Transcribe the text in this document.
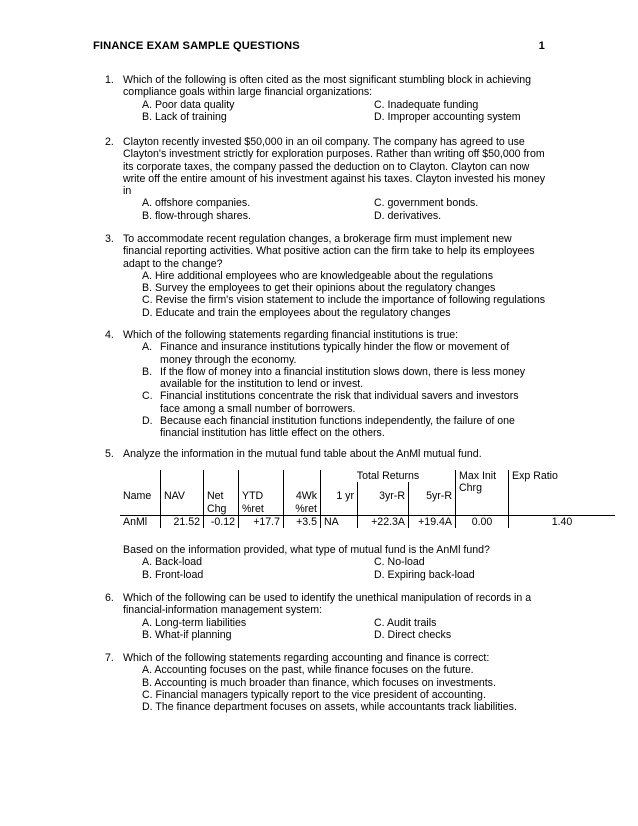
FINANCE EXAM SAMPLE QUESTIONS	1
1. Which of the following is often cited as the most significant stumbling block in achieving compliance goals within large financial organizations:
A. Poor data quality	C. Inadequate funding
B. Lack of training	D. Improper accounting system
2. Clayton recently invested $50,000 in an oil company. The company has agreed to use Clayton's investment strictly for exploration purposes. Rather than writing off $50,000 from its corporate taxes, the company passed the deduction on to Clayton. Clayton can now write off the entire amount of his investment against his taxes. Clayton invested his money in
A. offshore companies.	C. government bonds.
B. flow-through shares.	D. derivatives.
3. To accommodate recent regulation changes, a brokerage firm must implement new financial reporting activities. What positive action can the firm take to help its employees adapt to the change?
A. Hire additional employees who are knowledgeable about the regulations
B. Survey the employees to get their opinions about the regulatory changes
C. Revise the firm's vision statement to include the importance of following regulations
D. Educate and train the employees about the regulatory changes
4. Which of the following statements regarding financial institutions is true:
A. Finance and insurance institutions typically hinder the flow or movement of money through the economy.
B. If the flow of money into a financial institution slows down, there is less money available for the institution to lend or invest.
C. Financial institutions concentrate the risk that individual savers and investors face among a small number of borrowers.
D. Because each financial institution functions independently, the failure of one financial institution has little effect on the others.
5. Analyze the information in the mutual fund table about the AnMl mutual fund.
					Total Returns			Max Init Chrg	Exp Ratio
Name	NAV	Net Chg	YTD %ret	4Wk %ret	1 yr	3yr-R	5yr-R		
AnMl	21.52	-0.12	+17.7	+3.5	NA	+22.3A	+19.4A	0.00	1.40
Based on the information provided, what type of mutual fund is the AnMl fund?
A. Back-load	C. No-load
B. Front-load	D. Expiring back-load
6. Which of the following can be used to identify the unethical manipulation of records in a financial-information management system:
A. Long-term liabilities	C. Audit trails
B. What-if planning	D. Direct checks
7. Which of the following statements regarding accounting and finance is correct:
A. Accounting focuses on the past, while finance focuses on the future.
B. Accounting is much broader than finance, which focuses on investments.
C. Financial managers typically report to the vice president of accounting.
D. The finance department focuses on assets, while accountants track liabilities.
